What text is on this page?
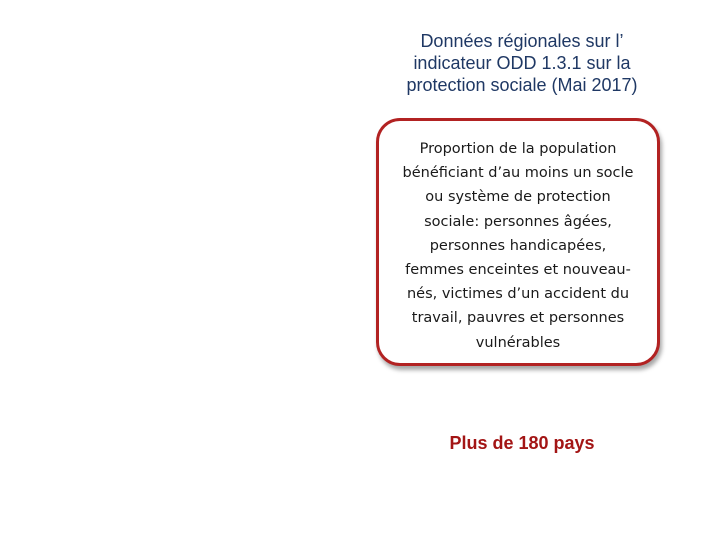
Données régionales sur l’
indicateur ODD 1.3.1 sur la
protection sociale (Mai 2017)
Proportion de la population
bénéficiant d’au moins un socle
ou système de protection
sociale: personnes âgées,
personnes handicapées,
femmes enceintes et nouveau-
nés, victimes d’un accident du
travail, pauvres et personnes
vulnérables
Plus de 180 pays
